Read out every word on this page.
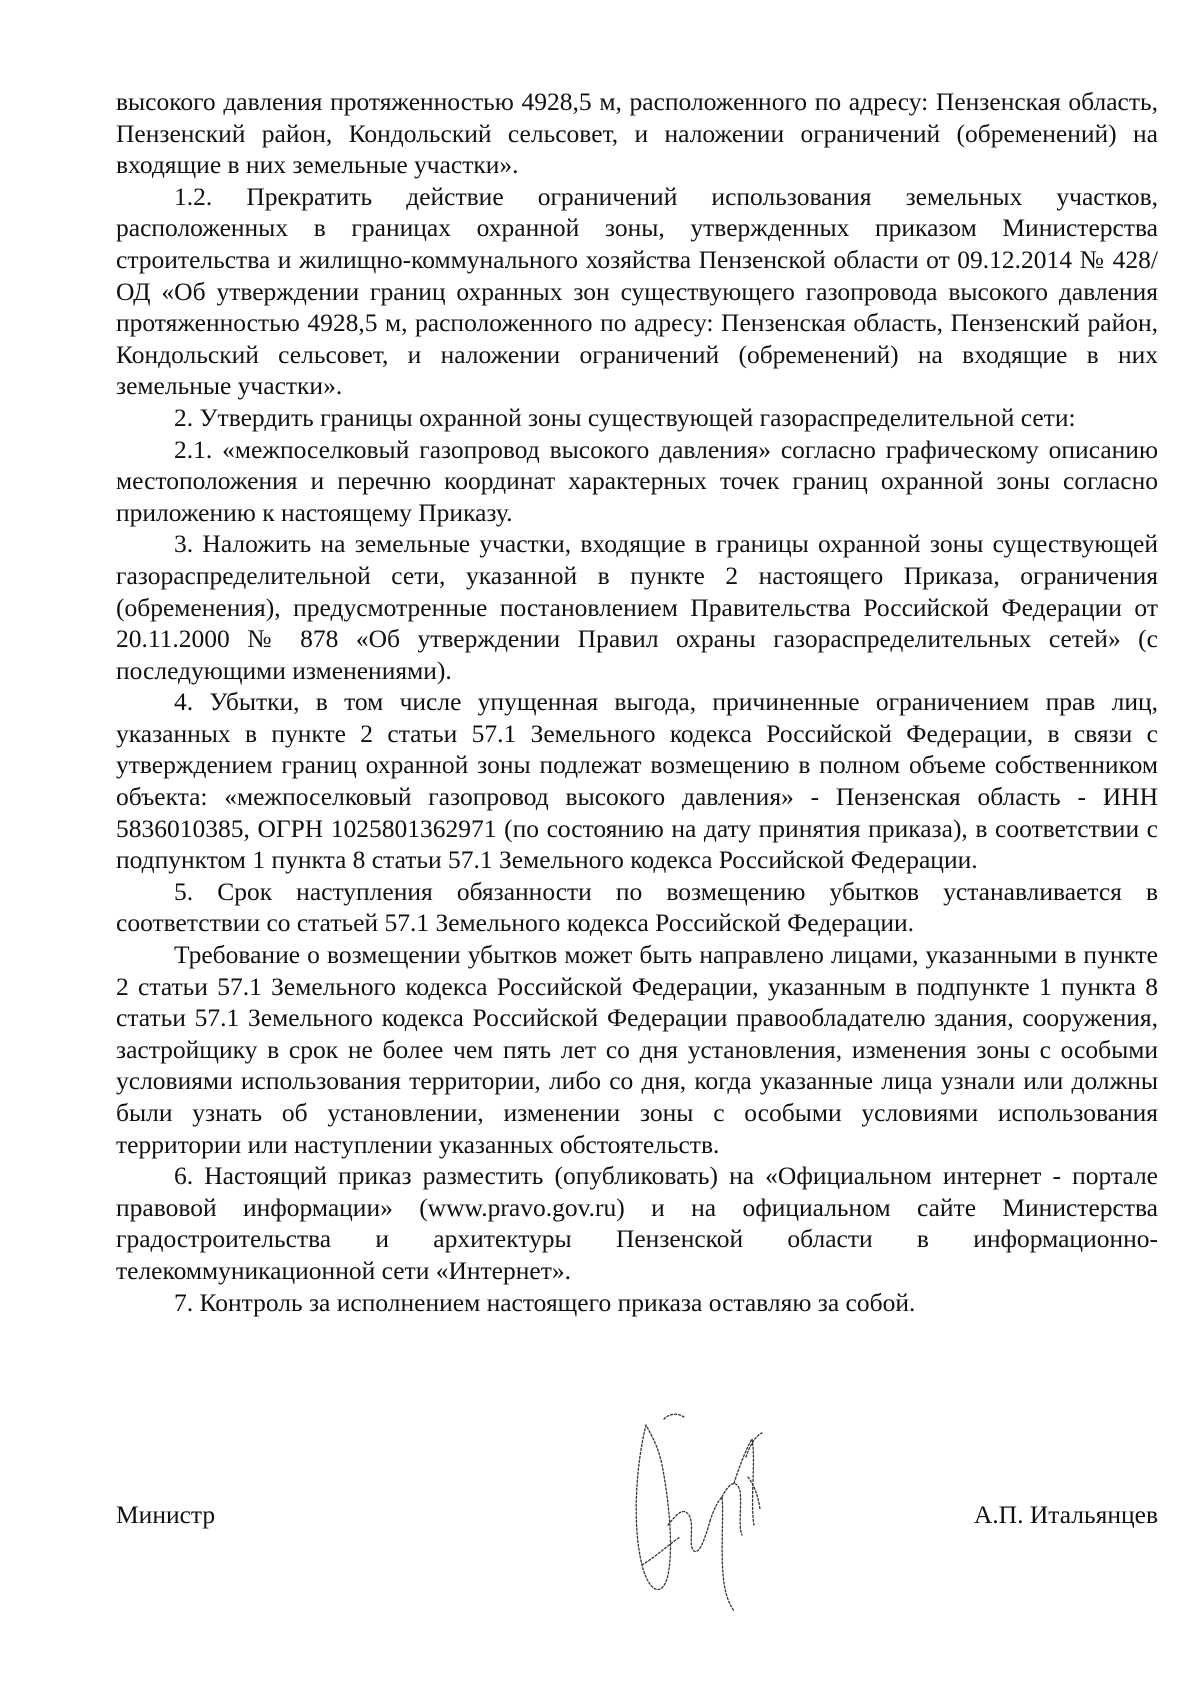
высокого давления протяженностью 4928,5 м, расположенного по адресу: Пензенская область, Пензенский район, Кондольский сельсовет, и наложении ограничений (обременений) на входящие в них земельные участки».

1.2. Прекратить действие ограничений использования земельных участков, расположенных в границах охранной зоны, утвержденных приказом Министерства строительства и жилищно-коммунального хозяйства Пензенской области от 09.12.2014 № 428/ОД «Об утверждении границ охранных зон существующего газопровода высокого давления протяженностью 4928,5 м, расположенного по адресу: Пензенская область, Пензенский район, Кондольский сельсовет, и наложении ограничений (обременений) на входящие в них земельные участки».

2. Утвердить границы охранной зоны существующей газораспределительной сети:

2.1. «межпоселковый газопровод высокого давления» согласно графическому описанию местоположения и перечню координат характерных точек границ охранной зоны согласно приложению к настоящему Приказу.

3. Наложить на земельные участки, входящие в границы охранной зоны существующей газораспределительной сети, указанной в пункте 2 настоящего Приказа, ограничения (обременения), предусмотренные постановлением Правительства Российской Федерации от 20.11.2000 № 878 «Об утверждении Правил охраны газораспределительных сетей» (с последующими изменениями).

4. Убытки, в том числе упущенная выгода, причиненные ограничением прав лиц, указанных в пункте 2 статьи 57.1 Земельного кодекса Российской Федерации, в связи с утверждением границ охранной зоны подлежат возмещению в полном объеме собственником объекта: «межпоселковый газопровод высокого давления» - Пензенская область - ИНН 5836010385, ОГРН 1025801362971 (по состоянию на дату принятия приказа), в соответствии с подпунктом 1 пункта 8 статьи 57.1 Земельного кодекса Российской Федерации.

5. Срок наступления обязанности по возмещению убытков устанавливается в соответствии со статьей 57.1 Земельного кодекса Российской Федерации.

Требование о возмещении убытков может быть направлено лицами, указанными в пункте 2 статьи 57.1 Земельного кодекса Российской Федерации, указанным в подпункте 1 пункта 8 статьи 57.1 Земельного кодекса Российской Федерации правообладателю здания, сооружения, застройщику в срок не более чем пять лет со дня установления, изменения зоны с особыми условиями использования территории, либо со дня, когда указанные лица узнали или должны были узнать об установлении, изменении зоны с особыми условиями использования территории или наступлении указанных обстоятельств.

6. Настоящий приказ разместить (опубликовать) на «Официальном интернет - портале правовой информации» (www.pravo.gov.ru) и на официальном сайте Министерства градостроительства и архитектуры Пензенской области в информационно-телекоммуникационной сети «Интернет».

7. Контроль за исполнением настоящего приказа оставляю за собой.

Министр	А.П. Итальянцев
